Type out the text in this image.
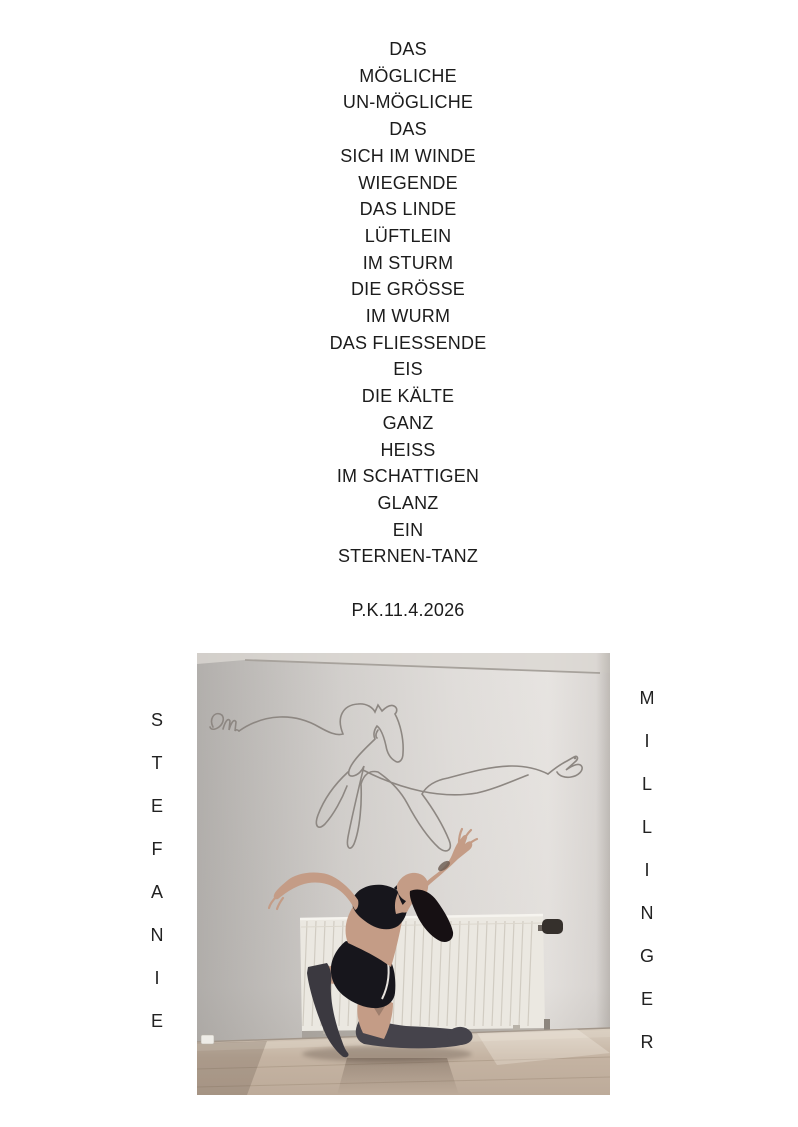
DAS
MÖGLICHE
UN-MÖGLICHE
DAS
SICH IM WINDE
WIEGENDE
DAS LINDE
LÜFTLEIN
IM STURM
DIE GRÖSSE
IM WURM
DAS FLIESSENDE
EIS
DIE KÄLTE
GANZ
HEISS
IM SCHATTIGEN
GLANZ
EIN
STERNEN-TANZ
P.K.11.4.2026
S
T
E
F
A
N
I
E
M
I
L
L
I
N
G
E
R
